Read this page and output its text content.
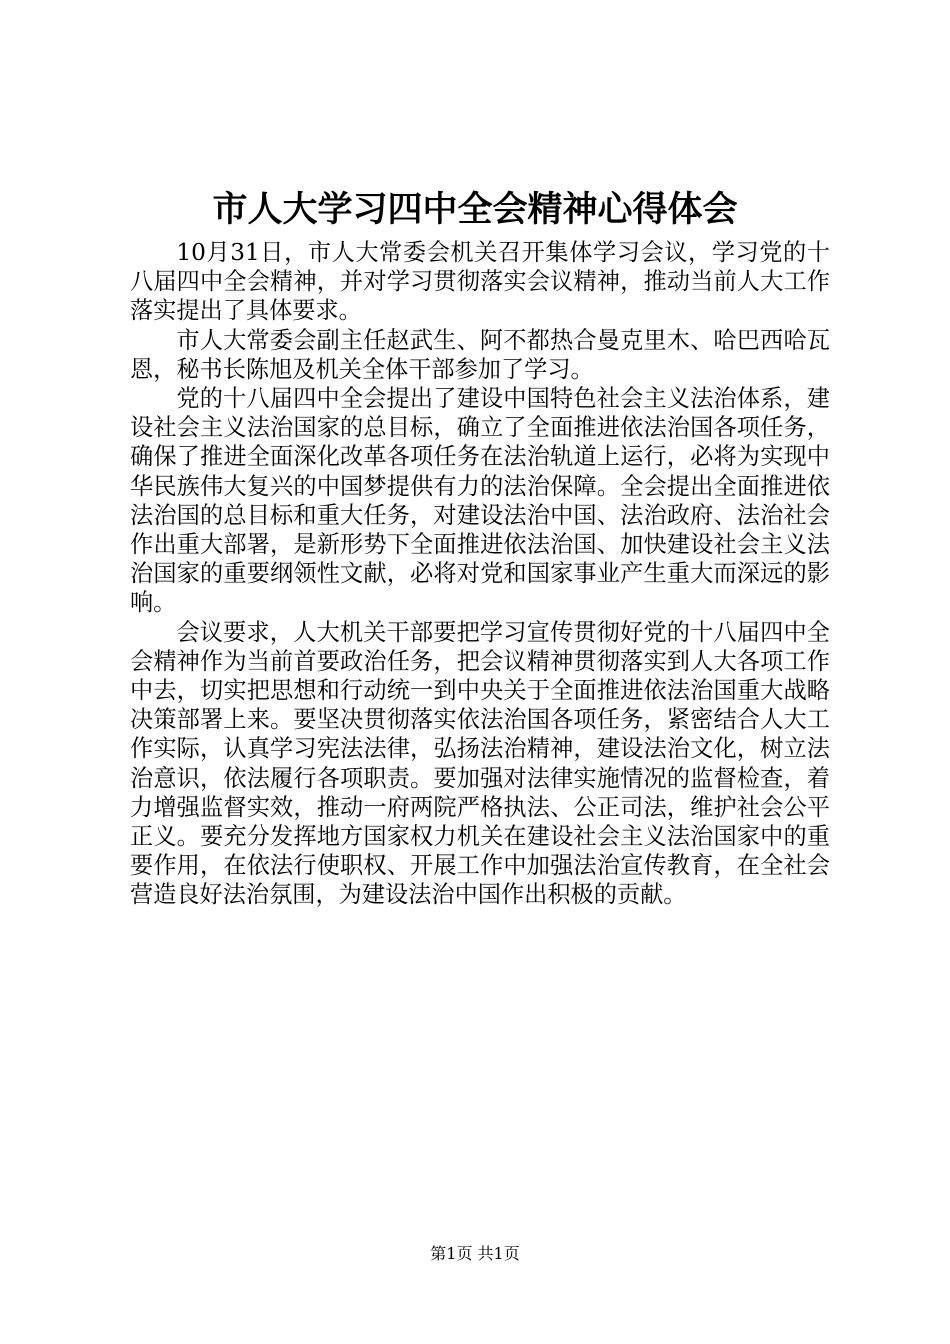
市人大学习四中全会精神心得体会

10月31日，市人大常委会机关召开集体学习会议，学习党的十八届四中全会精神，并对学习贯彻落实会议精神，推动当前人大工作落实提出了具体要求。

市人大常委会副主任赵武生、阿不都热合曼克里木、哈巴西哈瓦恩，秘书长陈旭及机关全体干部参加了学习。

党的十八届四中全会提出了建设中国特色社会主义法治体系，建设社会主义法治国家的总目标，确立了全面推进依法治国各项任务，确保了推进全面深化改革各项任务在法治轨道上运行，必将为实现中华民族伟大复兴的中国梦提供有力的法治保障。全会提出全面推进依法治国的总目标和重大任务，对建设法治中国、法治政府、法治社会作出重大部署，是新形势下全面推进依法治国、加快建设社会主义法治国家的重要纲领性文献，必将对党和国家事业产生重大而深远的影响。

会议要求，人大机关干部要把学习宣传贯彻好党的十八届四中全会精神作为当前首要政治任务，把会议精神贯彻落实到人大各项工作中去，切实把思想和行动统一到中央关于全面推进依法治国重大战略决策部署上来。要坚决贯彻落实依法治国各项任务，紧密结合人大工作实际，认真学习宪法法律，弘扬法治精神，建设法治文化，树立法治意识，依法履行各项职责。要加强对法律实施情况的监督检查，着力增强监督实效，推动一府两院严格执法、公正司法，维护社会公平正义。要充分发挥地方国家权力机关在建设社会主义法治国家中的重要作用，在依法行使职权、开展工作中加强法治宣传教育，在全社会营造良好法治氛围，为建设法治中国作出积极的贡献。

第1页 共1页
